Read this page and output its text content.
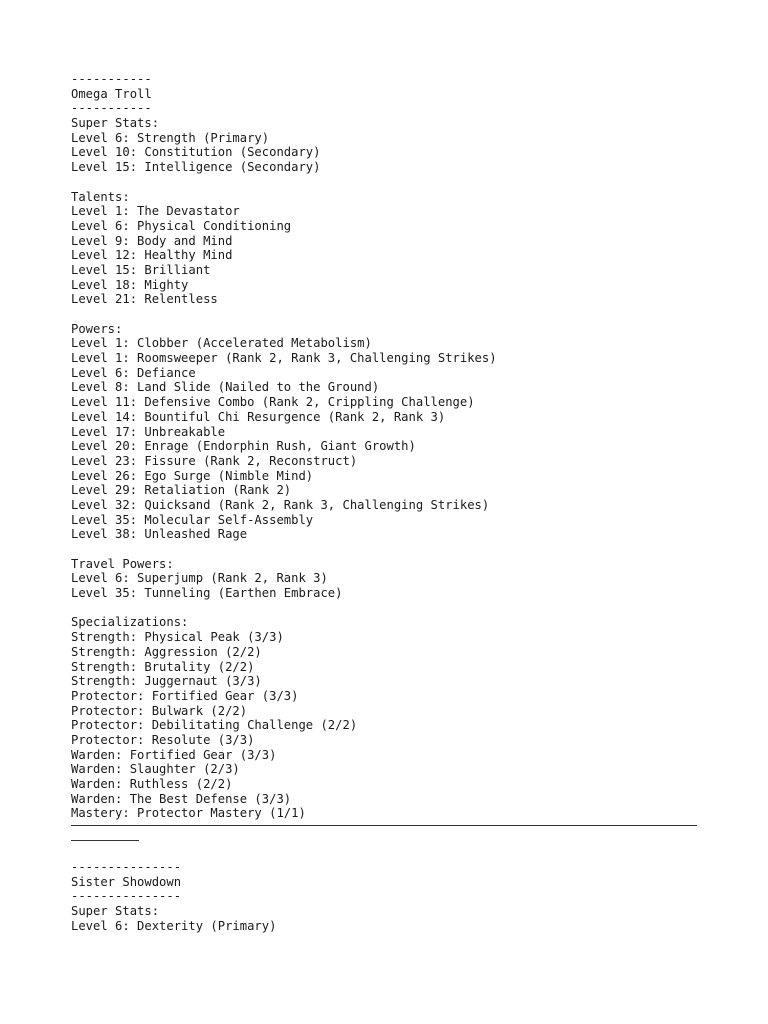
-----------
Omega Troll
-----------
Super Stats:
Level 6: Strength (Primary)
Level 10: Constitution (Secondary)
Level 15: Intelligence (Secondary)
Talents:
Level 1: The Devastator
Level 6: Physical Conditioning
Level 9: Body and Mind
Level 12: Healthy Mind
Level 15: Brilliant
Level 18: Mighty
Level 21: Relentless
Powers:
Level 1: Clobber (Accelerated Metabolism)
Level 1: Roomsweeper (Rank 2, Rank 3, Challenging Strikes)
Level 6: Defiance
Level 8: Land Slide (Nailed to the Ground)
Level 11: Defensive Combo (Rank 2, Crippling Challenge)
Level 14: Bountiful Chi Resurgence (Rank 2, Rank 3)
Level 17: Unbreakable
Level 20: Enrage (Endorphin Rush, Giant Growth)
Level 23: Fissure (Rank 2, Reconstruct)
Level 26: Ego Surge (Nimble Mind)
Level 29: Retaliation (Rank 2)
Level 32: Quicksand (Rank 2, Rank 3, Challenging Strikes)
Level 35: Molecular Self-Assembly
Level 38: Unleashed Rage
Travel Powers:
Level 6: Superjump (Rank 2, Rank 3)
Level 35: Tunneling (Earthen Embrace)
Specializations:
Strength: Physical Peak (3/3)
Strength: Aggression (2/2)
Strength: Brutality (2/2)
Strength: Juggernaut (3/3)
Protector: Fortified Gear (3/3)
Protector: Bulwark (2/2)
Protector: Debilitating Challenge (2/2)
Protector: Resolute (3/3)
Warden: Fortified Gear (3/3)
Warden: Slaughter (2/3)
Warden: Ruthless (2/2)
Warden: The Best Defense (3/3)
Mastery: Protector Mastery (1/1)
---------------
Sister Showdown
---------------
Super Stats:
Level 6: Dexterity (Primary)
